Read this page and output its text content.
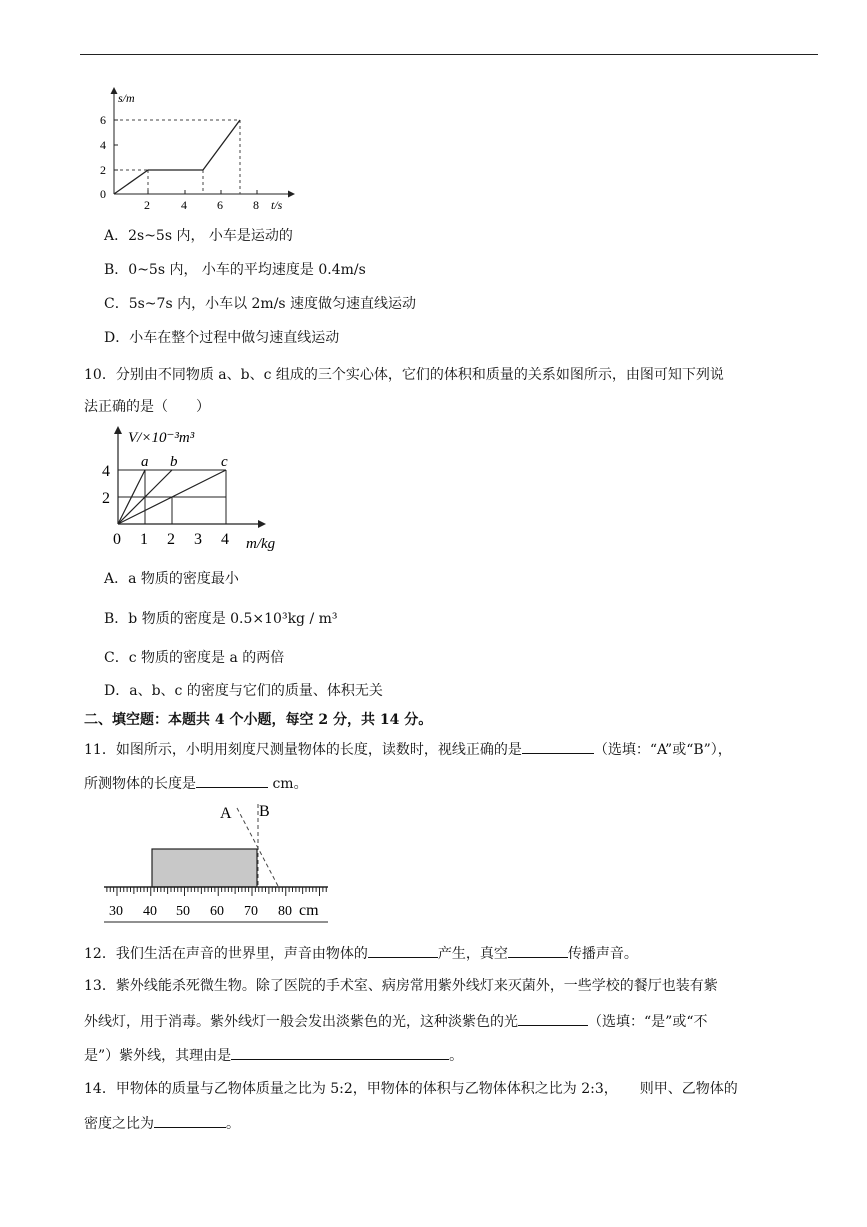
s/m
t/s
6
4
2
0
2	4	6	8
A．2s~5s 内， 小车是运动的
B．0~5s 内， 小车的平均速度是 0.4m/s
C．5s~7s 内，小车以 2m/s 速度做匀速直线运动
D．小车在整个过程中做匀速直线运动
10．分别由不同物质 a、b、c 组成的三个实心体，它们的体积和质量的关系如图所示，由图可知下列说
法正确的是（　　）
V/×10⁻³m³
a b	c
4
2
0 1 2 3 4 m/kg
A．a 物质的密度最小
B．b 物质的密度是 0.5×10³kg / m³
C．c 物质的密度是 a 的两倍
D．a、b、c 的密度与它们的质量、体积无关
二、填空题：本题共 4 个小题，每空 2 分，共 14 分。
11．如图所示，小明用刻度尺测量物体的长度，读数时，视线正确的是	（选填：“A”或“B”），
所测物体的长度是	cm。
A B
30 40 50 60 70 80 cm
12．我们生活在声音的世界里，声音由物体的	产生，真空	传播声音。
13．紫外线能杀死微生物。除了医院的手术室、病房常用紫外线灯来灭菌外，一些学校的餐厅也装有紫
外线灯，用于消毒。紫外线灯一般会发出淡紫色的光，这种淡紫色的光	（选填：“是”或“不
是”）紫外线，其理由是	。
14．甲物体的质量与乙物体质量之比为 5:2，甲物体的体积与乙物体体积之比为 2:3， 则甲、乙物体的
密度之比为	。
